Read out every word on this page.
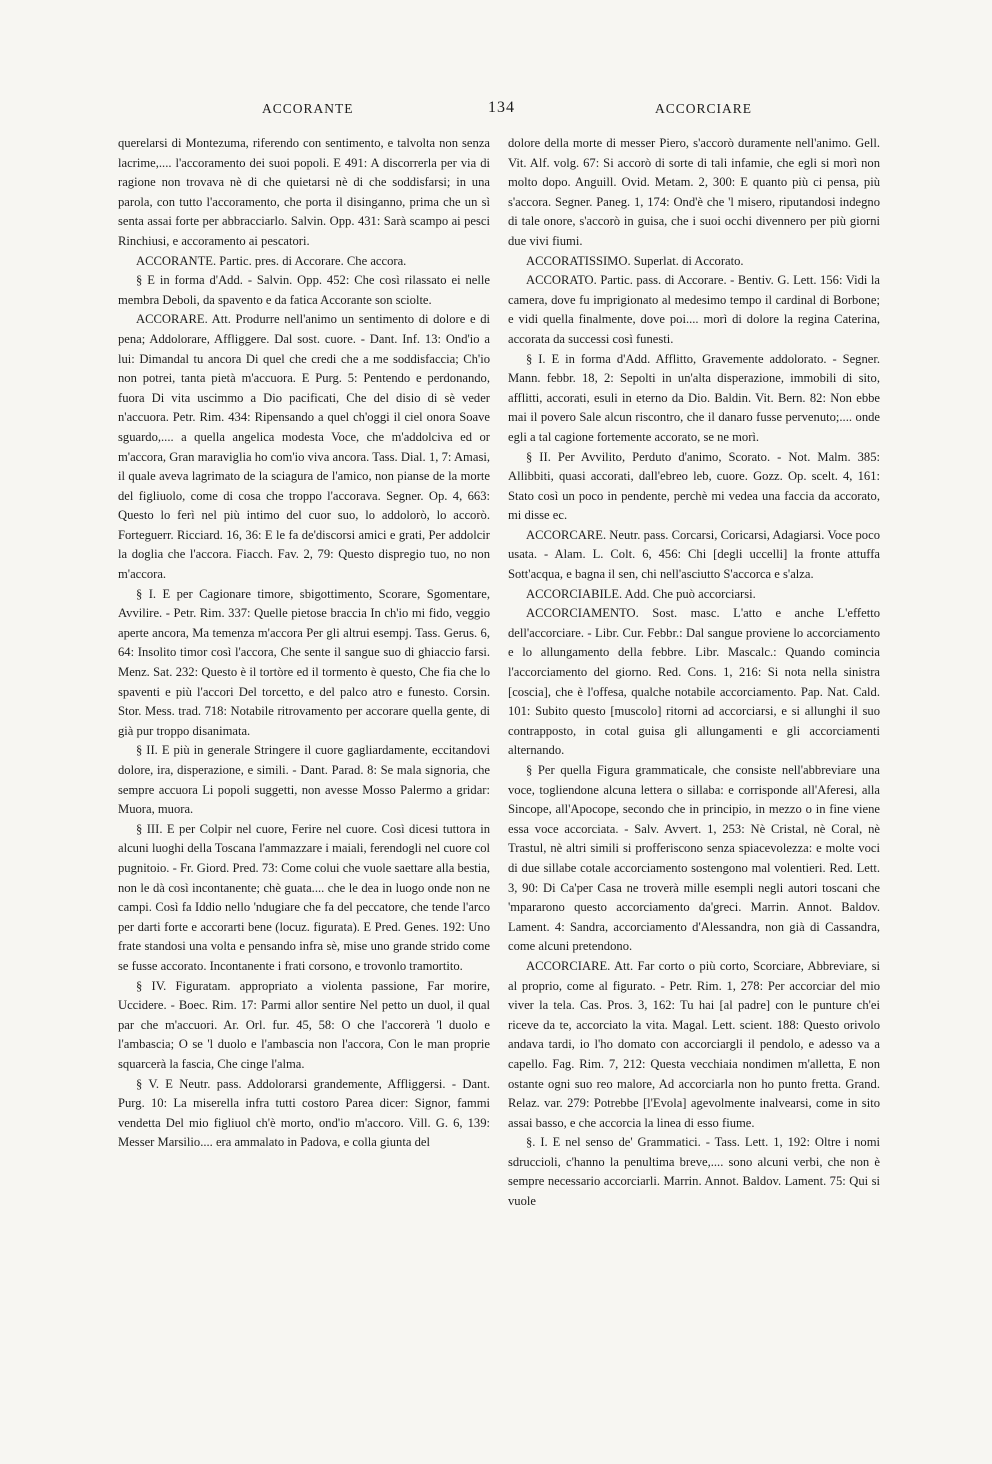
ACCORANTE	134	ACCORCIARE

querelarsi di Montezuma, riferendo con sentimento, e talvolta non senza lacrime,.... l'accoramento dei suoi popoli. E 491: A discorrerla per via di ragione non trovava nè di che quietarsi nè di che soddisfarsi; in una parola, con tutto l'accoramento, che porta il disinganno, prima che un sì senta assai forte per abbracciarlo. Salvin. Opp. 431: Sarà scampo ai pesci Rinchiusi, e accoramento ai pescatori.

ACCORANTE. Partic. pres. di Accorare. Che accora.

§ E in forma d'Add. - Salvin. Opp. 452: Che così rilassato ei nelle membra Deboli, da spavento e da fatica Accorante son sciolte.

ACCORARE. Att. Produrre nell'animo un sentimento di dolore e di pena; Addolorare, Affliggere. Dal sost. cuore. - Dant. Inf. 13: Ond'io a lui: Dimandal tu ancora Di quel che credi che a me soddisfaccia; Ch'io non potrei, tanta pietà m'accuora. E Purg. 5: Pentendo e perdonando, fuora Di vita uscimmo a Dio pacificati, Che del disio di sè veder n'accuora. Petr. Rim. 434: Ripensando a quel ch'oggi il ciel onora Soave sguardo,.... a quella angelica modesta Voce, che m'addolciva ed or m'accora, Gran maraviglia ho com'io viva ancora. Tass. Dial. 1, 7: Amasi, il quale aveva lagrimato de la sciagura de l'amico, non pianse de la morte del figliuolo, come di cosa che troppo l'accorava. Segner. Op. 4, 663: Questo lo ferì nel più intimo del cuor suo, lo addolorò, lo accorò. Forteguerr. Ricciard. 16, 36: E le fa de'discorsi amici e grati, Per addolcir la doglia che l'accora. Fiacch. Fav. 2, 79: Questo dispregio tuo, no non m'accora.

§ I. E per Cagionare timore, sbigottimento, Scorare, Sgomentare, Avvilire. - Petr. Rim. 337: Quelle pietose braccia In ch'io mi fido, veggio aperte ancora, Ma temenza m'accora Per gli altrui esempj. Tass. Gerus. 6, 64: Insolito timor così l'accora, Che sente il sangue suo di ghiaccio farsi. Menz. Sat. 232: Questo è il tortòre ed il tormento è questo, Che fia che lo spaventi e più l'accori Del torcetto, e del palco atro e funesto. Corsin. Stor. Mess. trad. 718: Notabile ritrovamento per accorare quella gente, di già pur troppo disanimata.

§ II. E più in generale Stringere il cuore gagliardamente, eccitandovi dolore, ira, disperazione, e simili. - Dant. Parad. 8: Se mala signoria, che sempre accuora Li popoli suggetti, non avesse Mosso Palermo a gridar: Muora, muora.

§ III. E per Colpir nel cuore, Ferire nel cuore. Così dicesi tuttora in alcuni luoghi della Toscana l'ammazzare i maiali, ferendogli nel cuore col pugnitoio. - Fr. Giord. Pred. 73: Come colui che vuole saettare alla bestia, non le dà così incontanente; chè guata.... che le dea in luogo onde non ne campi. Così fa Iddio nello 'ndugiare che fa del peccatore, che tende l'arco per darti forte e accorarti bene (locuz. figurata). E Pred. Genes. 192: Uno frate standosi una volta e pensando infra sè, mise uno grande strido come se fusse accorato. Incontanente i frati corsono, e trovonlo tramortito.

§ IV. Figuratam. appropriato a violenta passione, Far morire, Uccidere. - Boec. Rim. 17: Parmi allor sentire Nel petto un duol, il qual par che m'accuori. Ar. Orl. fur. 45, 58: O che l'accorerà 'l duolo e l'ambascia; O se 'l duolo e l'ambascia non l'accora, Con le man proprie squarcerà la fascia, Che cinge l'alma.

§ V. E Neutr. pass. Addolorarsi grandemente, Affliggersi. - Dant. Purg. 10: La miserella infra tutti costoro Parea dicer: Signor, fammi vendetta Del mio figliuol ch'è morto, ond'io m'accoro. Vill. G. 6, 139: Messer Marsilio.... era ammalato in Padova, e colla giunta del

dolore della morte di messer Piero, s'accorò duramente nell'animo. Gell. Vit. Alf. volg. 67: Si accorò di sorte di tali infamie, che egli si morì non molto dopo. Anguill. Ovid. Metam. 2, 300: E quanto più ci pensa, più s'accora. Segner. Paneg. 1, 174: Ond'è che 'l misero, riputandosi indegno di tale onore, s'accorò in guisa, che i suoi occhi divennero per più giorni due vivi fiumi.

ACCORATISSIMO. Superlat. di Accorato.

ACCORATO. Partic. pass. di Accorare. - Bentiv. G. Lett. 156: Vidi la camera, dove fu imprigionato al medesimo tempo il cardinal di Borbone; e vidi quella finalmente, dove poi.... morì di dolore la regina Caterina, accorata da successi così funesti.

§ I. E in forma d'Add. Afflitto, Gravemente addolorato. - Segner. Mann. febbr. 18, 2: Sepolti in un'alta disperazione, immobili di sito, afflitti, accorati, esuli in eterno da Dio. Baldin. Vit. Bern. 82: Non ebbe mai il povero Sale alcun riscontro, che il danaro fusse pervenuto;.... onde egli a tal cagione fortemente accorato, se ne morì.

§ II. Per Avvilito, Perduto d'animo, Scorato. - Not. Malm. 385: Allibbiti, quasi accorati, dall'ebreo leb, cuore. Gozz. Op. scelt. 4, 161: Stato così un poco in pendente, perchè mi vedea una faccia da accorato, mi disse ec.

ACCORCARE. Neutr. pass. Corcarsi, Coricarsi, Adagiarsi. Voce poco usata. - Alam. L. Colt. 6, 456: Chi [degli uccelli] la fronte attuffa Sott'acqua, e bagna il sen, chi nell'asciutto S'accorca e s'alza.

ACCORCIABILE. Add. Che può accorciarsi.

ACCORCIAMENTO. Sost. masc. L'atto e anche L'effetto dell'accorciare. - Libr. Cur. Febbr.: Dal sangue proviene lo accorciamento e lo allungamento della febbre. Libr. Mascalc.: Quando comincia l'accorciamento del giorno. Red. Cons. 1, 216: Si nota nella sinistra [coscia], che è l'offesa, qualche notabile accorciamento. Pap. Nat. Cald. 101: Subito questo [muscolo] ritorni ad accorciarsi, e si allunghi il suo contrapposto, in cotal guisa gli allungamenti e gli accorciamenti alternando.

§ Per quella Figura grammaticale, che consiste nell'abbreviare una voce, togliendone alcuna lettera o sillaba: e corrisponde all'Aferesi, alla Sincope, all'Apocope, secondo che in principio, in mezzo o in fine viene essa voce accorciata. - Salv. Avvert. 1, 253: Nè Cristal, nè Coral, nè Trastul, nè altri simili si profferiscono senza spiacevolezza: e molte voci di due sillabe cotale accorciamento sostengono mal volentieri. Red. Lett. 3, 90: Di Ca'per Casa ne troverà mille esempli negli autori toscani che 'mpararono questo accorciamento da'greci. Marrin. Annot. Baldov. Lament. 4: Sandra, accorciamento d'Alessandra, non già di Cassandra, come alcuni pretendono.

ACCORCIARE. Att. Far corto o più corto, Scorciare, Abbreviare, si al proprio, come al figurato. - Petr. Rim. 1, 278: Per accorciar del mio viver la tela. Cas. Pros. 3, 162: Tu hai [al padre] con le punture ch'ei riceve da te, accorciato la vita. Magal. Lett. scient. 188: Questo orivolo andava tardi, io l'ho domato con accorciargli il pendolo, e adesso va a capello. Fag. Rim. 7, 212: Questa vecchiaia nondimen m'alletta, E non ostante ogni suo reo malore, Ad accorciarla non ho punto fretta. Grand. Relaz. var. 279: Potrebbe [l'Evola] agevolmente inalvearsi, come in sito assai basso, e che accorcia la linea di esso fiume.

§. I. E nel senso de' Grammatici. - Tass. Lett. 1, 192: Oltre i nomi sdruccioli, c'hanno la penultima breve,.... sono alcuni verbi, che non è sempre necessario accorciarli. Marrin. Annot. Baldov. Lament. 75: Qui si vuole
